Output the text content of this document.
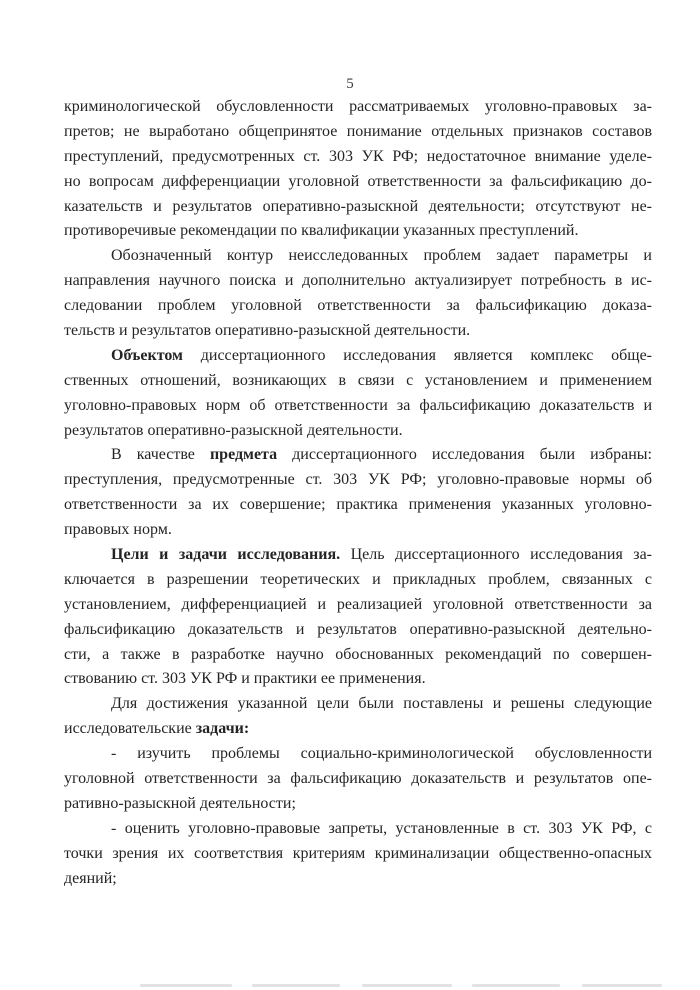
5
криминологической обусловленности рассматриваемых уголовно-правовых за-
претов; не выработано общепринятое понимание отдельных признаков составов
преступлений, предусмотренных ст. 303 УК РФ; недостаточное внимание уделе-
но вопросам дифференциации уголовной ответственности за фальсификацию до-
казательств и результатов оперативно-разыскной деятельности; отсутствуют не-
противоречивые рекомендации по квалификации указанных преступлений.
Обозначенный контур неисследованных проблем задает параметры и
направления научного поиска и дополнительно актуализирует потребность в ис-
следовании проблем уголовной ответственности за фальсификацию доказа-
тельств и результатов оперативно-разыскной деятельности.
Объектом диссертационного исследования является комплекс обще-
ственных отношений, возникающих в связи с установлением и применением
уголовно-правовых норм об ответственности за фальсификацию доказательств и
результатов оперативно-разыскной деятельности.
В качестве предмета диссертационного исследования были избраны:
преступления, предусмотренные ст. 303 УК РФ; уголовно-правовые нормы об
ответственности за их совершение; практика применения указанных уголовно-
правовых норм.
Цели и задачи исследования. Цель диссертационного исследования за-
ключается в разрешении теоретических и прикладных проблем, связанных с
установлением, дифференциацией и реализацией уголовной ответственности за
фальсификацию доказательств и результатов оперативно-разыскной деятельно-
сти, а также в разработке научно обоснованных рекомендаций по совершен-
ствованию ст. 303 УК РФ и практики ее применения.
Для достижения указанной цели были поставлены и решены следующие
исследовательские задачи:
- изучить проблемы социально-криминологической обусловленности
уголовной ответственности за фальсификацию доказательств и результатов опе-
ративно-разыскной деятельности;
- оценить уголовно-правовые запреты, установленные в ст. 303 УК РФ, с
точки зрения их соответствия критериям криминализации общественно-опасных
деяний;
